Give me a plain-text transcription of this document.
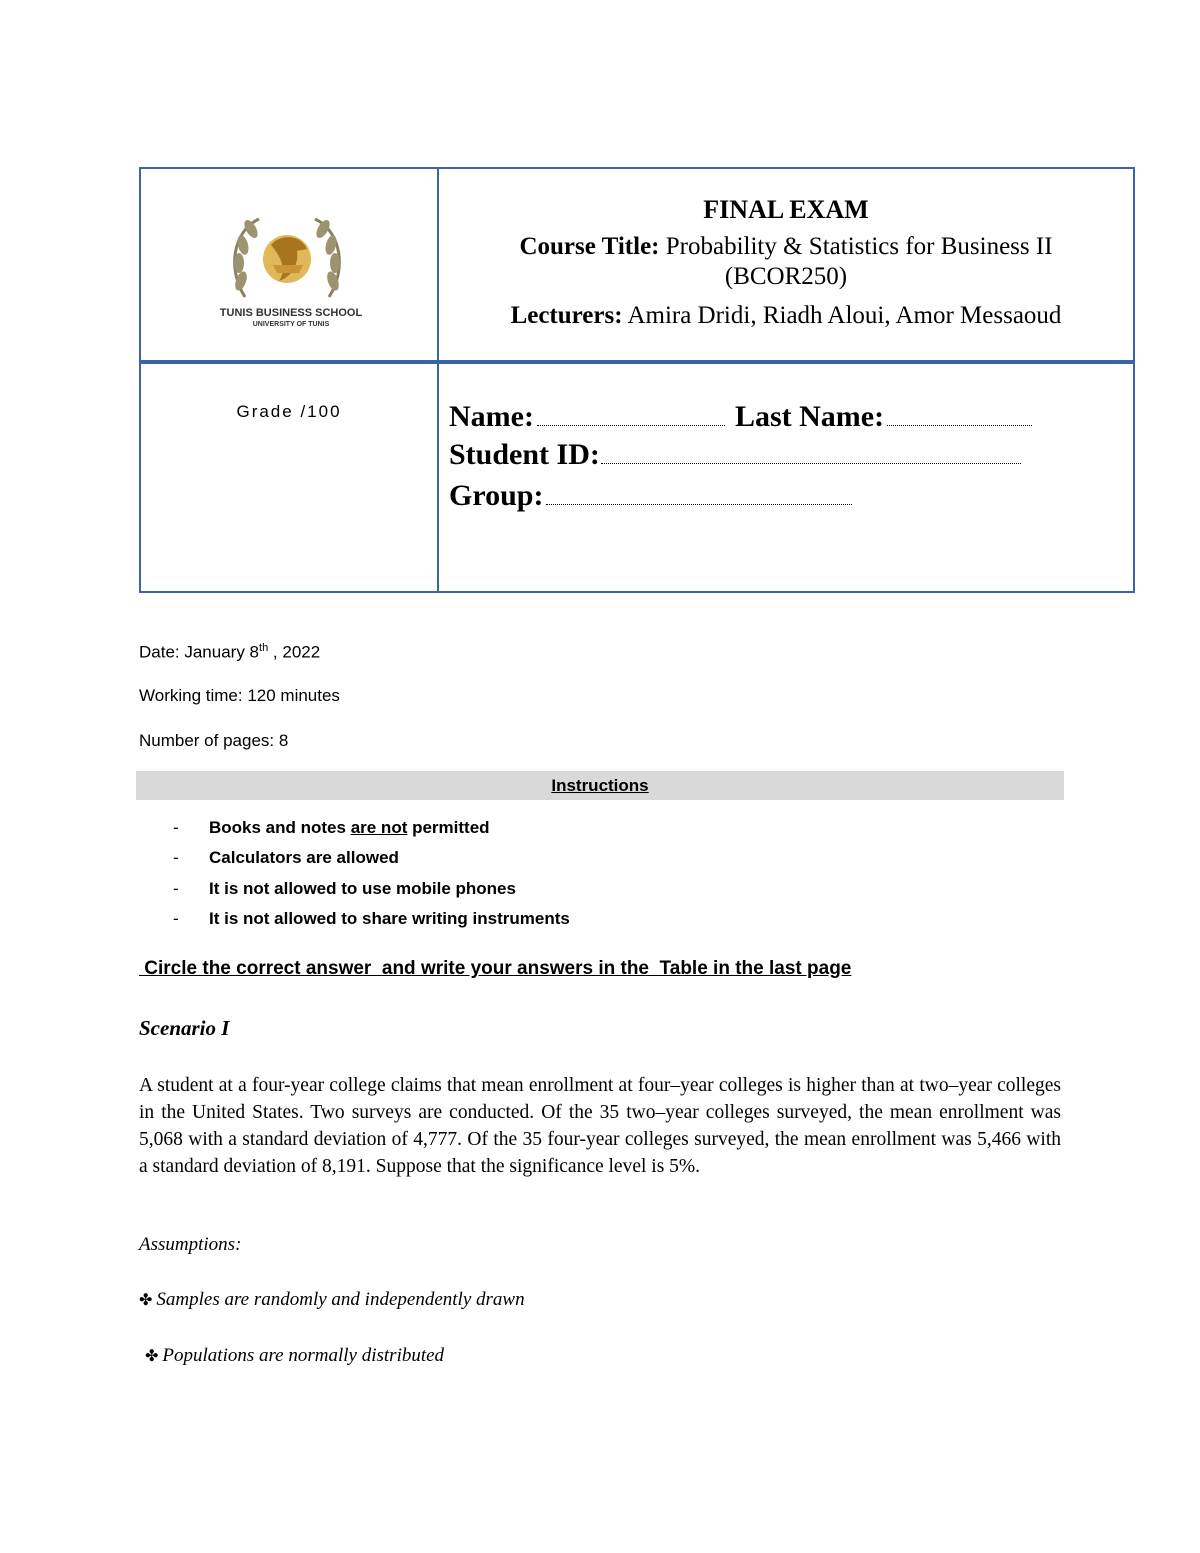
TUNIS BUSINESS SCHOOL
UNIVERSITY OF TUNIS
FINAL EXAM
Course Title: Probability & Statistics for Business II
(BCOR250)
Lecturers: Amira Dridi, Riadh Aloui, Amor Messaoud
Grade /100	Name:	Last Name:
Student ID:
Group:
Date: January 8th , 2022
Working time: 120 minutes
Number of pages: 8
Instructions
- Books and notes are not permitted
- Calculators are allowed
- It is not allowed to use mobile phones
- It is not allowed to share writing instruments
Circle the correct answer  and write your answers in the  Table in the last page
Scenario I
A student at a four-year college claims that mean enrollment at four–year colleges is higher than at two–year colleges in the United States. Two surveys are conducted. Of the 35 two–year colleges surveyed, the mean enrollment was 5,068 with a standard deviation of 4,777. Of the 35 four-year colleges surveyed, the mean enrollment was 5,466 with a standard deviation of 8,191. Suppose that the significance level is 5%.
Assumptions:
✤ Samples are randomly and independently drawn
✤ Populations are normally distributed
